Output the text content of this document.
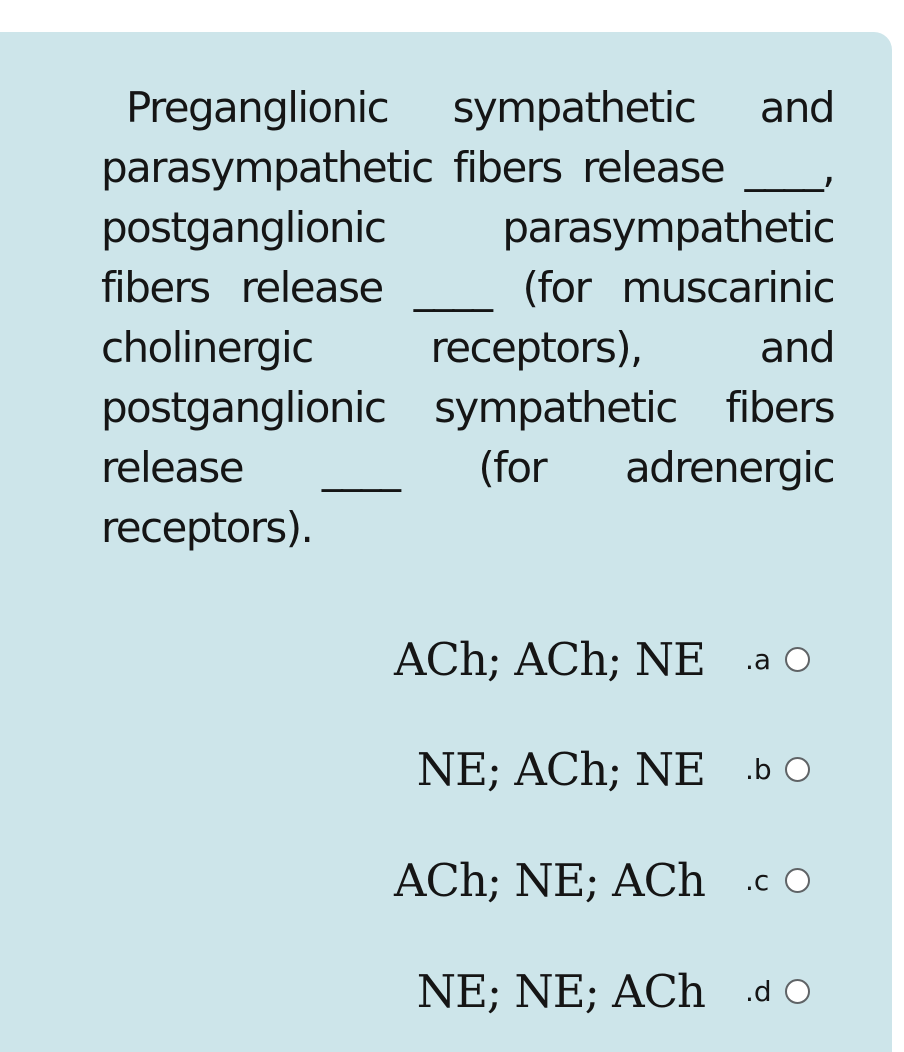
Preganglionic sympathetic and parasympathetic fibers release ____, postganglionic parasympathetic fibers release ____ (for muscarinic cholinergic receptors), and postganglionic sympathetic fibers release ____ (for adrenergic receptors).

ACh; ACh; NE .a
NE; ACh; NE .b
ACh; NE; ACh .c
NE; NE; ACh .d
